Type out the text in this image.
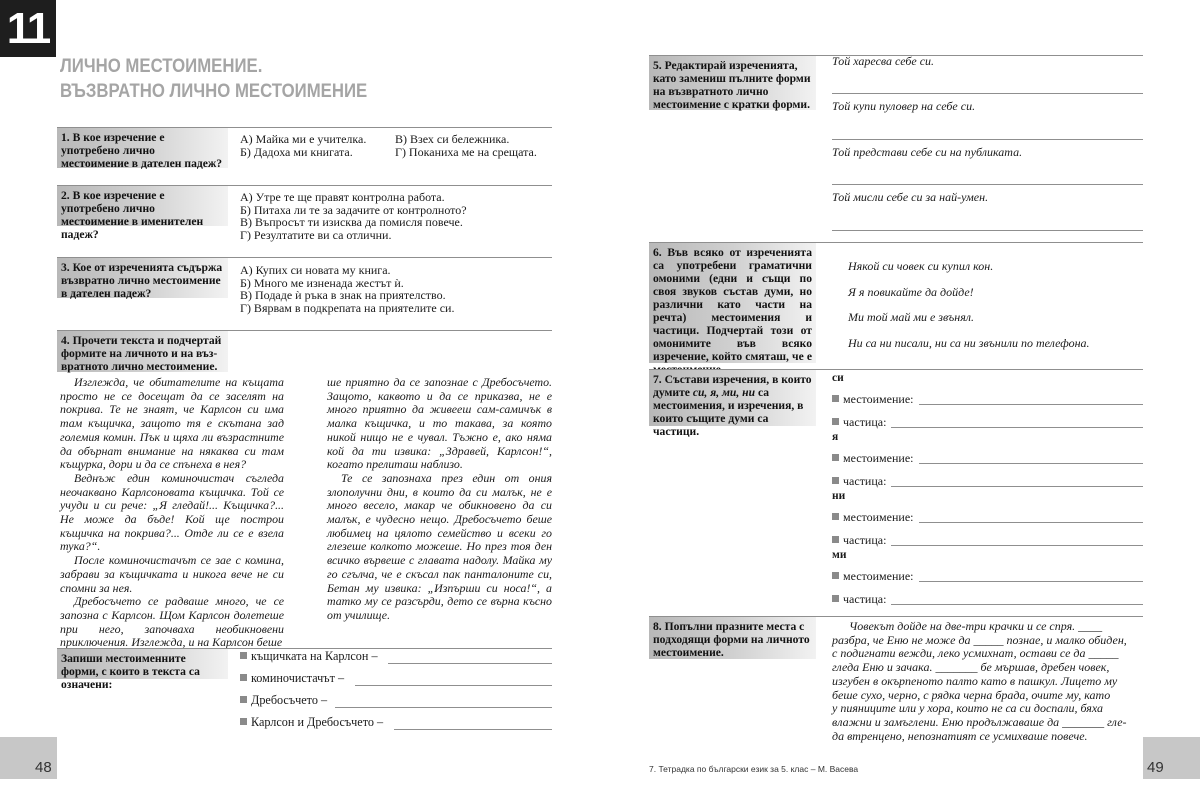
11
ЛИЧНО МЕСТОИМЕНИЕ.
ВЪЗВРАТНО ЛИЧНО МЕСТОИМЕНИЕ
1. В кое изречение е употребено лично местоимение в дателен падеж?
А) Майка ми е учителка.
Б) Дадоха ми книгата.
В) Взех си бележника.
Г) Поканиха ме на срещата.
2. В кое изречение е употребено лично местоимение в именителен падеж?
А) Утре те ще правят контролна работа.
Б) Питаха ли те за задачите от контролното?
В) Въпросът ти изисква да помисля повече.
Г) Резултатите ви са отлични.
3. Кое от изреченията съдържа възвратно лично местоимение в дателен падеж?
А) Купих си новата му книга.
Б) Много ме изненада жестът ѝ.
В) Подаде ѝ ръка в знак на приятелство.
Г) Вярвам в подкрепата на приятелите си.
4. Прочети текста и подчертай формите на личното и на възвратното лично местоимение.

Изглежда, че обитателите на къщата просто не се досещат да се заселят на покрива. Те не знаят, че Карлсон си има там къщичка, защото тя е скътана зад големия комин. Пък и щяха ли възрастните да обърнат внимание на някаква си там къщурка, дори и да се спънеха в нея?

Веднъж един коминочистач съгледа неочаквано Карлсоновата къщичка. Той се учуди и си рече: „Я гледай!... Къщичка?... Не може да бъде! Кой ще построи къщичка на покрива?... Отде ли се е взела тука?“.

После коминочистачът се зае с комина, забрави за къщичката и никога вече не си спомни за нея.

Дребосъчето се радваше много, че се запозна с Карлсон. Щом Карлсон долетеше при него, започваха необикновени приключения. Изглежда, и на Карлсон беше

ше приятно да се запознае с Дребосъчето. Защото, каквото и да се приказва, не е много приятно да живееш сам-самичък в малка къщичка, и то такава, за която никой нищо не е чувал. Тъжно е, ако няма кой да ти извика: „Здравей, Карлсон!“, когато прелиташ наблизо.

Те се запознаха през един от ония злополучни дни, в които да си малък, не е много весело, макар че обикновено да си малък, е чудесно нещо. Дребосъчето беше любимец на цялото семейство и всеки го глезеше колкото можеше. Но през тоя ден всичко вървеше с главата надолу. Майка му го сгълча, че е скъсал пак панталоните си, Бетан му извика: „Изпърши си носа!“, а татко му се разсърди, дето се върна късно от училище.

Запиши местоименните форми, с които в текста са означени:
къщичката на Карлсон –
коминочистачът –
Дребосъчето –
Карлсон и Дребосъчето –
48
5. Редактирай изреченията, като замениш пълните форми на възвратното лично местоимение с кратки форми.
Той харесва себе си.
Той купи пуловер на себе си.
Той представи себе си на публиката.
Той мисли себе си за най-умен.
6. Във всяко от изреченията са употребени граматични омоними (едни и същи по своя звуков състав думи, но различни като части на речта) местоимения и частици. Подчертай този от омонимите във всяко изречение, който смяташ, че е
Някой си човек си купил кон.
Я я повикайте да дойде!
Ми той май ми е звънял.
Ни са ни писали, ни са ни звънили по телефона.
7. Състави изречения, в които думите си, я, ми, ни са местоимения, и изречения, в които същите думи са частици.
си
местоимение:
частица:
я
местоимение:
частица:
ни
местоимение:
частица:
ми
местоимение:
частица:
8. Попълни празните места с подходящи форми на личното местоимение.
Човекът дойде на две-три крачки и се спря. ____
разбра, че Еню не може да _____ познае, и малко обиден,
с подигнати вежди, леко усмихнат, остави се да _____
гледа Еню и зачака. _______ бе мършав, дребен човек,
изгубен в окърпеното палто като в пашкул. Лицето му
беше сухо, черно, с рядка черна брада, очите му, като
у пияниците или у хора, които не са си доспали, бяха
влажни и замъглени. Еню продължаваше да _______ гле-
да втренцено, непознатият се усмихваше повече.
7. Тетрадка по български език за 5. клас – М. Васева	49
